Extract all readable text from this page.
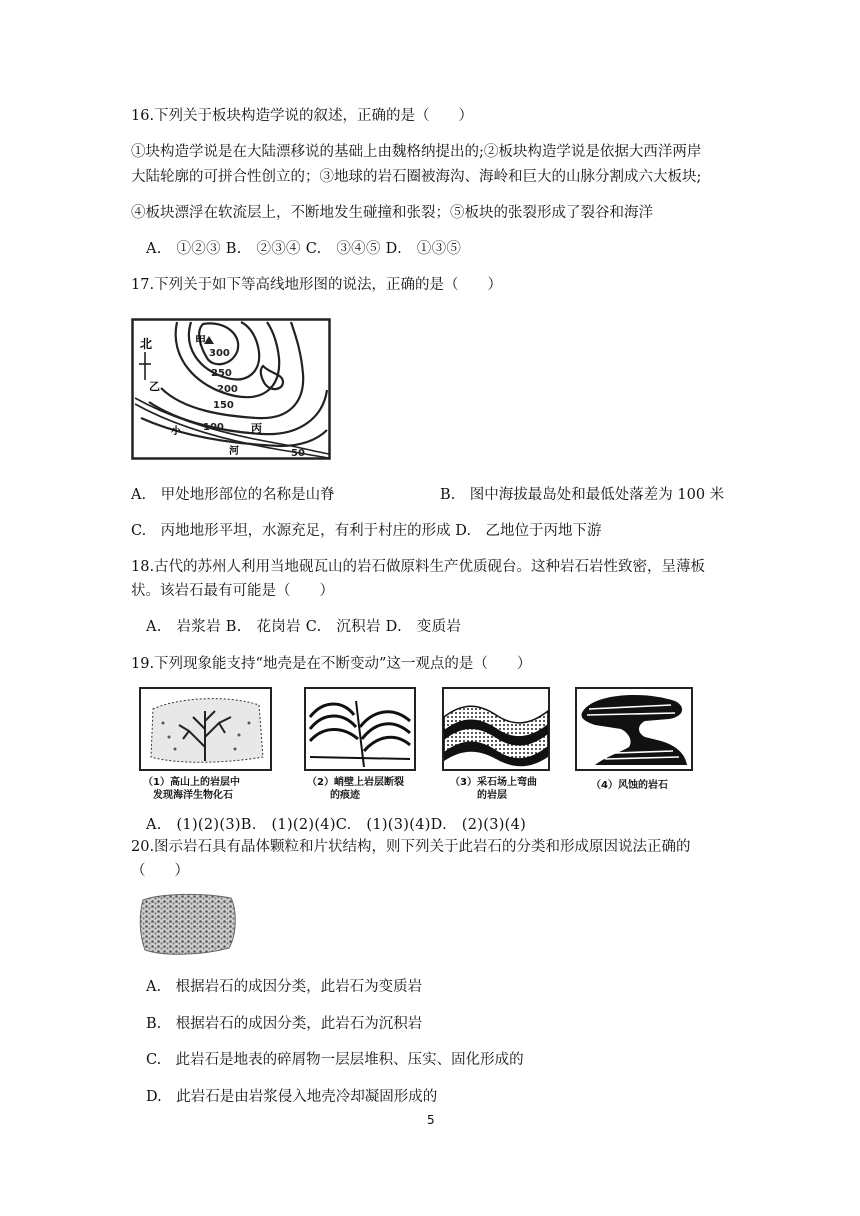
16.下列关于板块构造学说的叙述，正确的是（　　）
①块构造学说是在大陆漂移说的基础上由魏格纳提出的;②板块构造学说是依据大西洋两岸
大陆轮廓的可拼合性创立的；③地球的岩石圈被海沟、海岭和巨大的山脉分割成六大板块;
④板块漂浮在软流层上，不断地发生碰撞和张裂；⑤板块的张裂形成了裂谷和海洋
A.　①②③ B.　②③④ C.　③④⑤ D.　①③⑤
17.下列关于如下等高线地形图的说法，正确的是（　　）
北	甲
乙
丙
小
河
300
250
200
150
100
50
A.　甲处地形部位的名称是山脊	B.　图中海拔最岛处和最低处落差为 100 米
C.　丙地地形平坦，水源充足，有利于村庄的形成 D.　乙地位于丙地下游
18.古代的苏州人利用当地砚瓦山的岩石做原料生产优质砚台。这种岩石岩性致密，呈薄板
状。该岩石最有可能是（　　）
A.　岩浆岩 B.　花岗岩 C.　沉积岩 D.　变质岩
19.下列现象能支持“地壳是在不断变动”这一观点的是（　　）
（1）高山上的岩层中
发现海洋生物化石
（2）峭壁上岩层断裂
的痕迹
（3）采石场上弯曲
的岩层
（4）风蚀的岩石
A.　(1)(2)(3)B.　(1)(2)(4)C.　(1)(3)(4)D.　(2)(3)(4)
20.图示岩石具有晶体颗粒和片状结构，则下列关于此岩石的分类和形成原因说法正确的
（　　）
A.　根据岩石的成因分类，此岩石为变质岩
B.　根据岩石的成因分类，此岩石为沉积岩
C.　此岩石是地表的碎屑物一层层堆积、压实、固化形成的
D.　此岩石是由岩浆侵入地壳冷却凝固形成的
5
